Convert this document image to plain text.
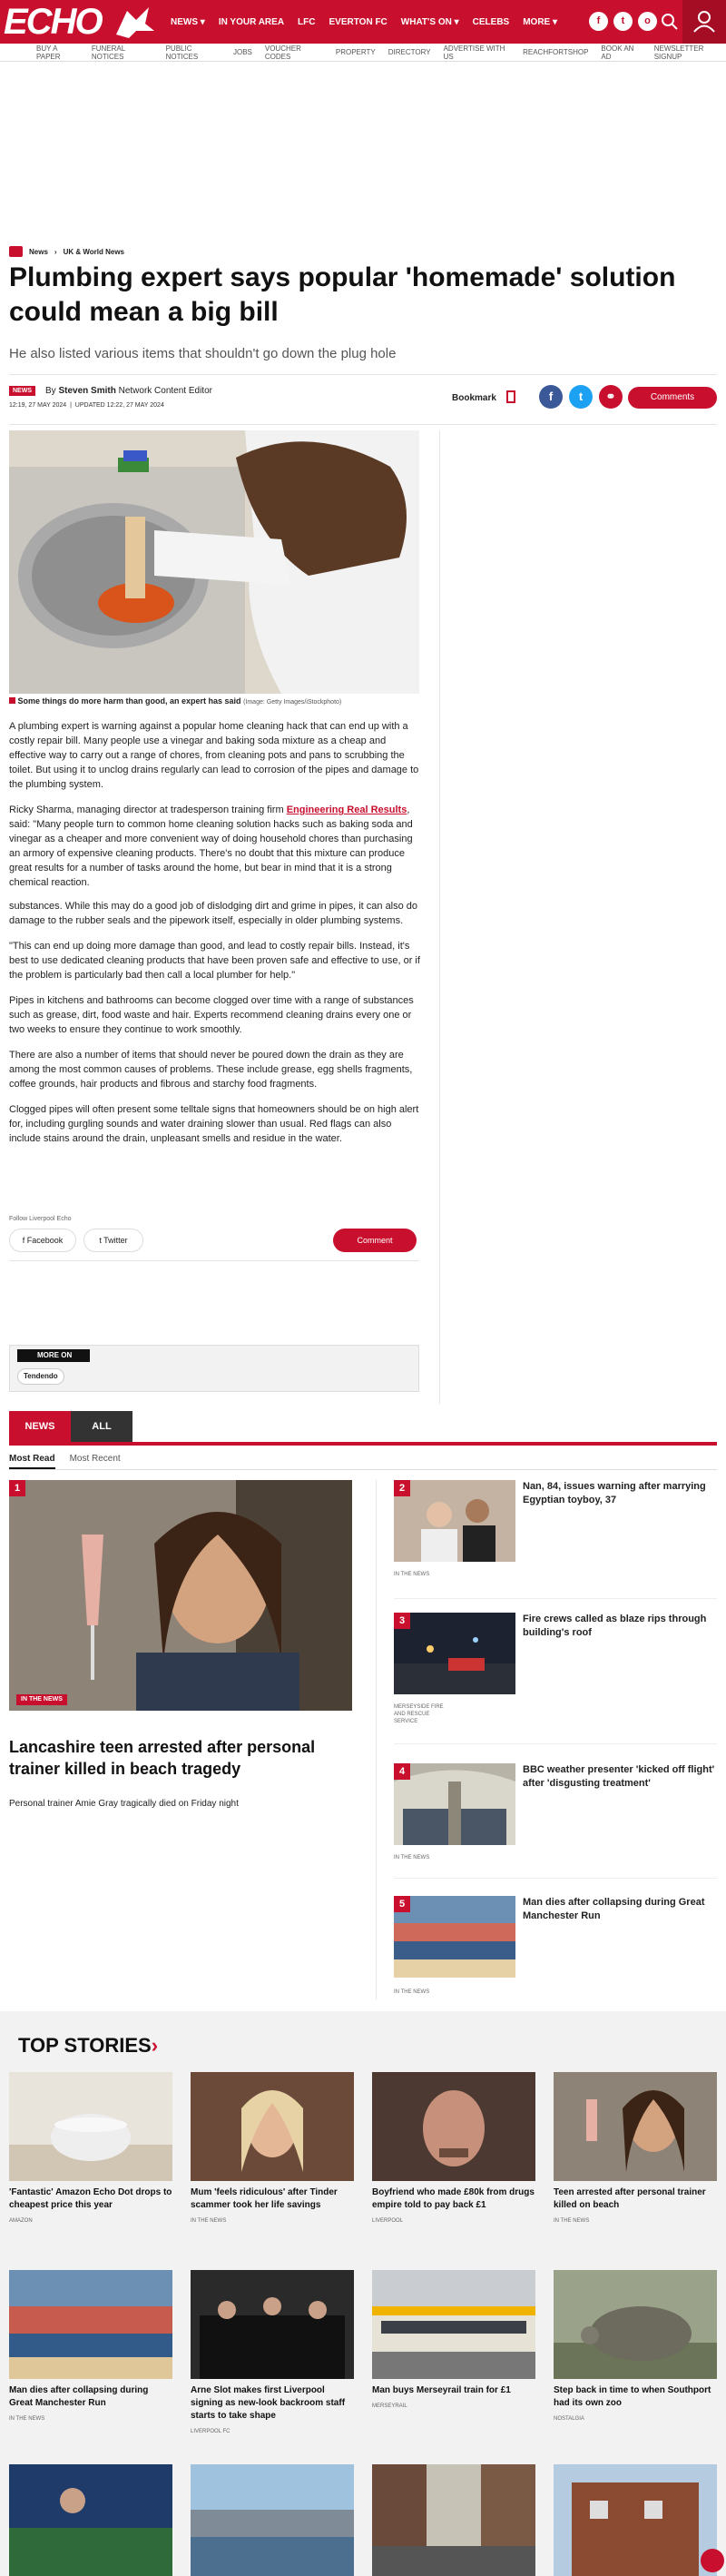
ECHO	NEWS ▾ IN YOUR AREA LFC EVERTON FC WHAT'S ON ▾ CELEBS MORE ▾	f	t	o
BUY A PAPER
FUNERAL NOTICES
PUBLIC NOTICES	JOBS VOUCHER CODES	PROPERTY DIRECTORY ADVERTISE WITH US	REACHFORTSHOP BOOK AN AD
NEWSLETTER SIGNUP
News › UK & World News
Plumbing expert says popular 'homemade' solution could mean a big bill
He also listed various items that shouldn't go down the plug hole
NEWS	By Steven Smith Network Content Editor
12:19, 27 MAY 2024  |  UPDATED 12:22, 27 MAY 2024
Bookmark	f	t	⚭	Comments
Some things do more harm than good, an expert has said (Image: Getty Images/iStockphoto)

A plumbing expert is warning against a popular home cleaning hack that can end up with a costly repair bill. Many people use a vinegar and baking soda mixture as a cheap and effective way to carry out a range of chores, from cleaning pots and pans to scrubbing the toilet. But using it to unclog drains regularly can lead to corrosion of the pipes and damage to the plumbing system.

Ricky Sharma, managing director at tradesperson training firm Engineering Real Results, said: "Many people turn to common home cleaning solution hacks such as baking soda and vinegar as a cheaper and more convenient way of doing household chores than purchasing an armory of expensive cleaning products. There's no doubt that this mixture can produce great results for a number of tasks around the home, but bear in mind that it is a strong chemical reaction.

substances. While this may do a good job of dislodging dirt and grime in pipes, it can also do damage to the rubber seals and the pipework itself, especially in older plumbing systems.

"This can end up doing more damage than good, and lead to costly repair bills. Instead, it's best to use dedicated cleaning products that have been proven safe and effective to use, or if the problem is particularly bad then call a local plumber for help."

Pipes in kitchens and bathrooms can become clogged over time with a range of substances such as grease, dirt, food waste and hair. Experts recommend cleaning drains every one or two weeks to ensure they continue to work smoothly.

There are also a number of items that should never be poured down the drain as they are among the most common causes of problems. These include grease, egg shells fragments, coffee grounds, hair products and fibrous and starchy food fragments.

Clogged pipes will often present some telltale signs that homeowners should be on high alert for, including gurgling sounds and water draining slower than usual. Red flags can also include stains around the drain, unpleasant smells and residue in the water.

Follow Liverpool Echo
f Facebook	t Twitter	Comment
MORE ON
Tendendo
NEWS	ALL
Most Read Most Recent
1
IN THE NEWS
Lancashire teen arrested after personal trainer killed in beach tragedy
Personal trainer Amie Gray tragically died on Friday night
2	Nan, 84, issues warning after marrying Egyptian toyboy, 37
IN THE NEWS
3	Fire crews called as blaze rips through building's roof
MERSEYSIDE FIRE AND RESCUE SERVICE
4	BBC weather presenter 'kicked off flight' after 'disgusting treatment'
IN THE NEWS
5	Man dies after collapsing during Great Manchester Run
IN THE NEWS
TOP STORIES›
'Fantastic' Amazon Echo Dot drops to cheapest price this year
AMAZON
Mum 'feels ridiculous' after Tinder scammer took her life savings
IN THE NEWS
Boyfriend who made £80k from drugs empire told to pay back £1
LIVERPOOL
Teen arrested after personal trainer killed on beach
IN THE NEWS
Man dies after collapsing during Great Manchester Run
IN THE NEWS
Arne Slot makes first Liverpool signing as new-look backroom staff starts to take shape
LIVERPOOL FC
Man buys Merseyrail train for £1
MERSEYRAIL
Step back in time to when Southport had its own zoo
NOSTALGIA
